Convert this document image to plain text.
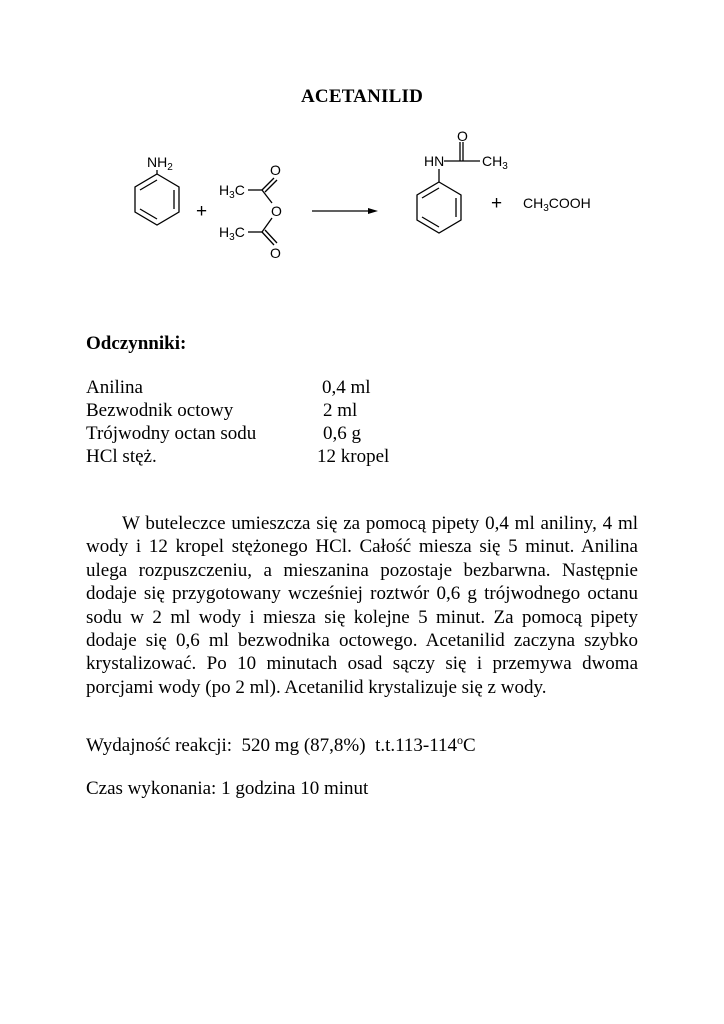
ACETANILID
$NH_2$
+
O
$H_3C$
O
$H_3C$
O
O
HN	$CH_3$
+ $CH_3COOH$
Odczynniki:
Anilina	0,4 ml
Bezwodnik octowy	2 ml
Trójwodny octan sodu	0,6 g
HCl stęż.	12 kropel

W buteleczce umieszcza się za pomocą pipety 0,4 ml aniliny, 4 ml wody i 12 kropel stężonego HCl. Całość miesza się 5 minut. Anilina ulega rozpuszczeniu, a mieszanina pozostaje bezbarwna. Następnie dodaje się przygotowany wcześniej roztwór 0,6 g trójwodnego octanu sodu w 2 ml wody i miesza się kolejne 5 minut. Za pomocą pipety dodaje się 0,6 ml bezwodnika octowego. Acetanilid zaczyna szybko krystalizować. Po 10 minutach osad sączy się i przemywa dwoma porcjami wody (po 2 ml). Acetanilid krystalizuje się z wody.

Wydajność reakcji: 520 mg (87,8%) t.t.113-114$^o$C
Czas wykonania: 1 godzina 10 minut
